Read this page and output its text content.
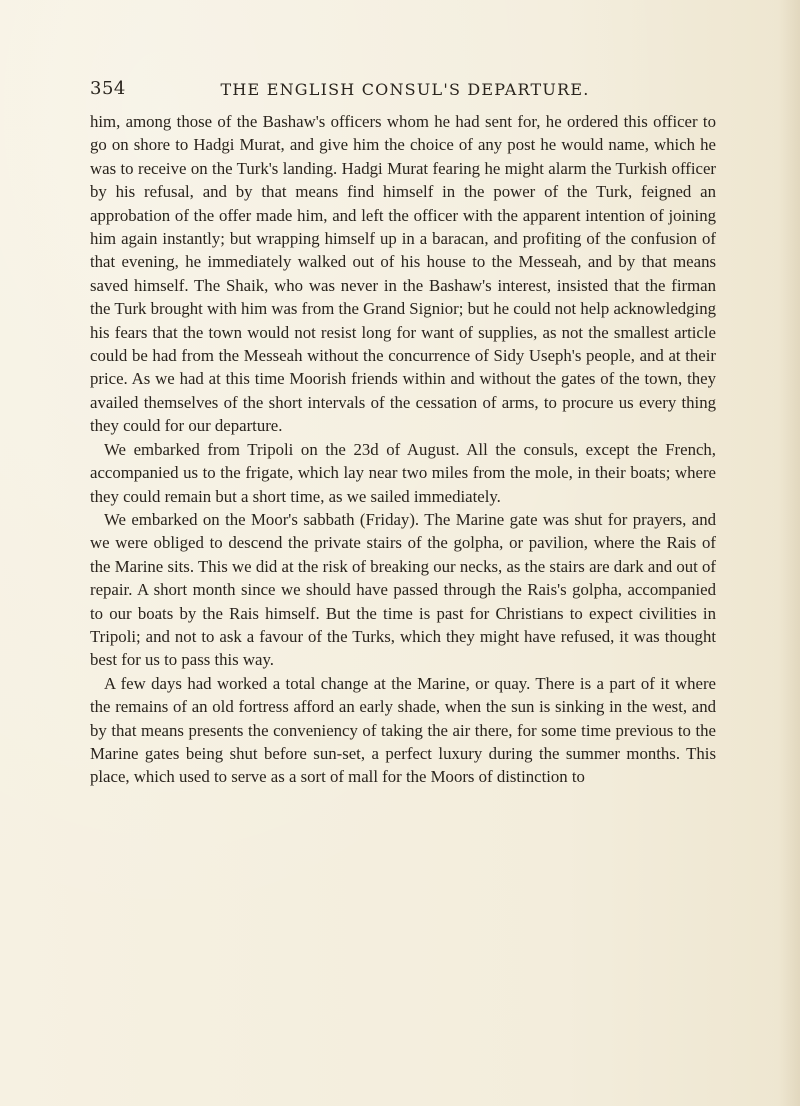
354	THE ENGLISH CONSUL'S DEPARTURE.

him, among those of the Bashaw's officers whom he had sent for, he ordered this officer to go on shore to Hadgi Murat, and give him the choice of any post he would name, which he was to receive on the Turk's landing. Hadgi Murat fearing he might alarm the Turkish officer by his refusal, and by that means find himself in the power of the Turk, feigned an approbation of the offer made him, and left the officer with the apparent intention of joining him again instantly; but wrapping himself up in a baracan, and profiting of the confusion of that evening, he immediately walked out of his house to the Messeah, and by that means saved himself. The Shaik, who was never in the Bashaw's interest, insisted that the firman the Turk brought with him was from the Grand Signior; but he could not help acknowledging his fears that the town would not resist long for want of supplies, as not the smallest article could be had from the Messeah without the concurrence of Sidy Useph's people, and at their price. As we had at this time Moorish friends within and without the gates of the town, they availed themselves of the short intervals of the cessation of arms, to procure us every thing they could for our departure.

We embarked from Tripoli on the 23d of August. All the consuls, except the French, accompanied us to the frigate, which lay near two miles from the mole, in their boats; where they could remain but a short time, as we sailed immediately.

We embarked on the Moor's sabbath (Friday). The Marine gate was shut for prayers, and we were obliged to descend the private stairs of the golpha, or pavilion, where the Rais of the Marine sits. This we did at the risk of breaking our necks, as the stairs are dark and out of repair. A short month since we should have passed through the Rais's golpha, accompanied to our boats by the Rais himself. But the time is past for Christians to expect civilities in Tripoli; and not to ask a favour of the Turks, which they might have refused, it was thought best for us to pass this way.

A few days had worked a total change at the Marine, or quay. There is a part of it where the remains of an old fortress afford an early shade, when the sun is sinking in the west, and by that means presents the conveniency of taking the air there, for some time previous to the Marine gates being shut before sun-set, a perfect luxury during the summer months. This place, which used to serve as a sort of mall for the Moors of distinction to
